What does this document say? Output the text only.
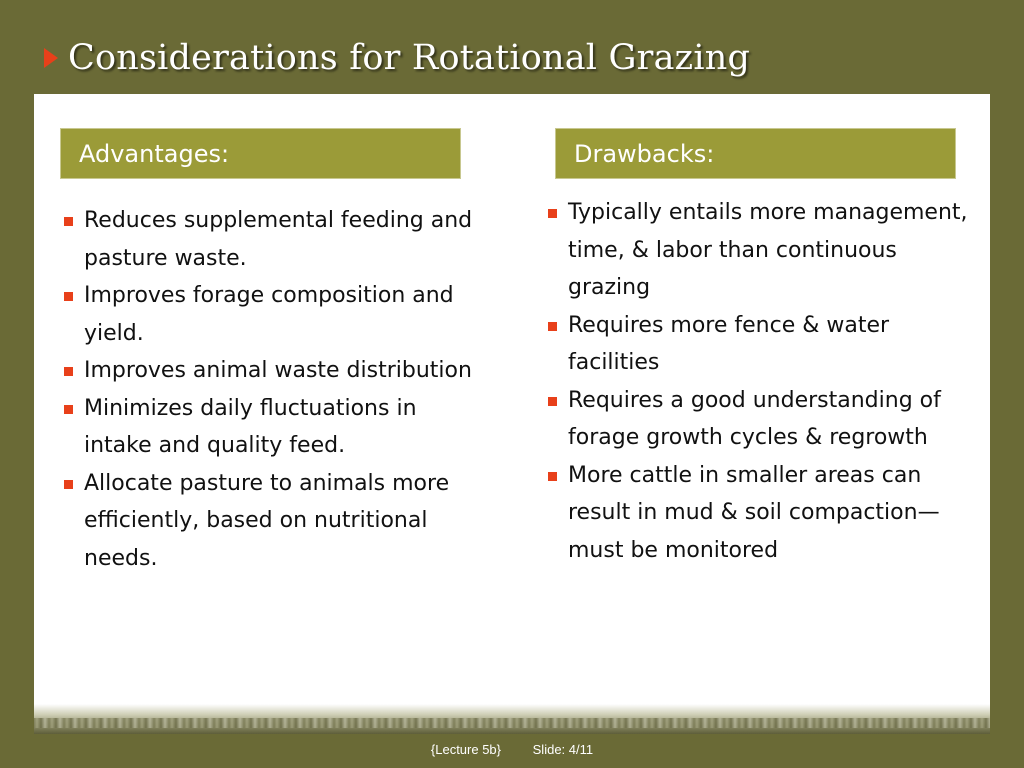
Considerations for Rotational Grazing
Advantages:	Drawbacks:
Reduces supplemental feeding and pasture waste.
Improves forage composition and yield.
Improves animal waste distribution
Minimizes daily fluctuations in intake and quality feed.
Allocate pasture to animals more efficiently, based on nutritional needs.
Typically entails more management, time, & labor than continuous grazing
Requires more fence & water facilities
Requires a good understanding of forage growth cycles & regrowth
More cattle in smaller areas can result in mud & soil compaction—must be monitored
{Lecture 5b} Slide: 4/11
